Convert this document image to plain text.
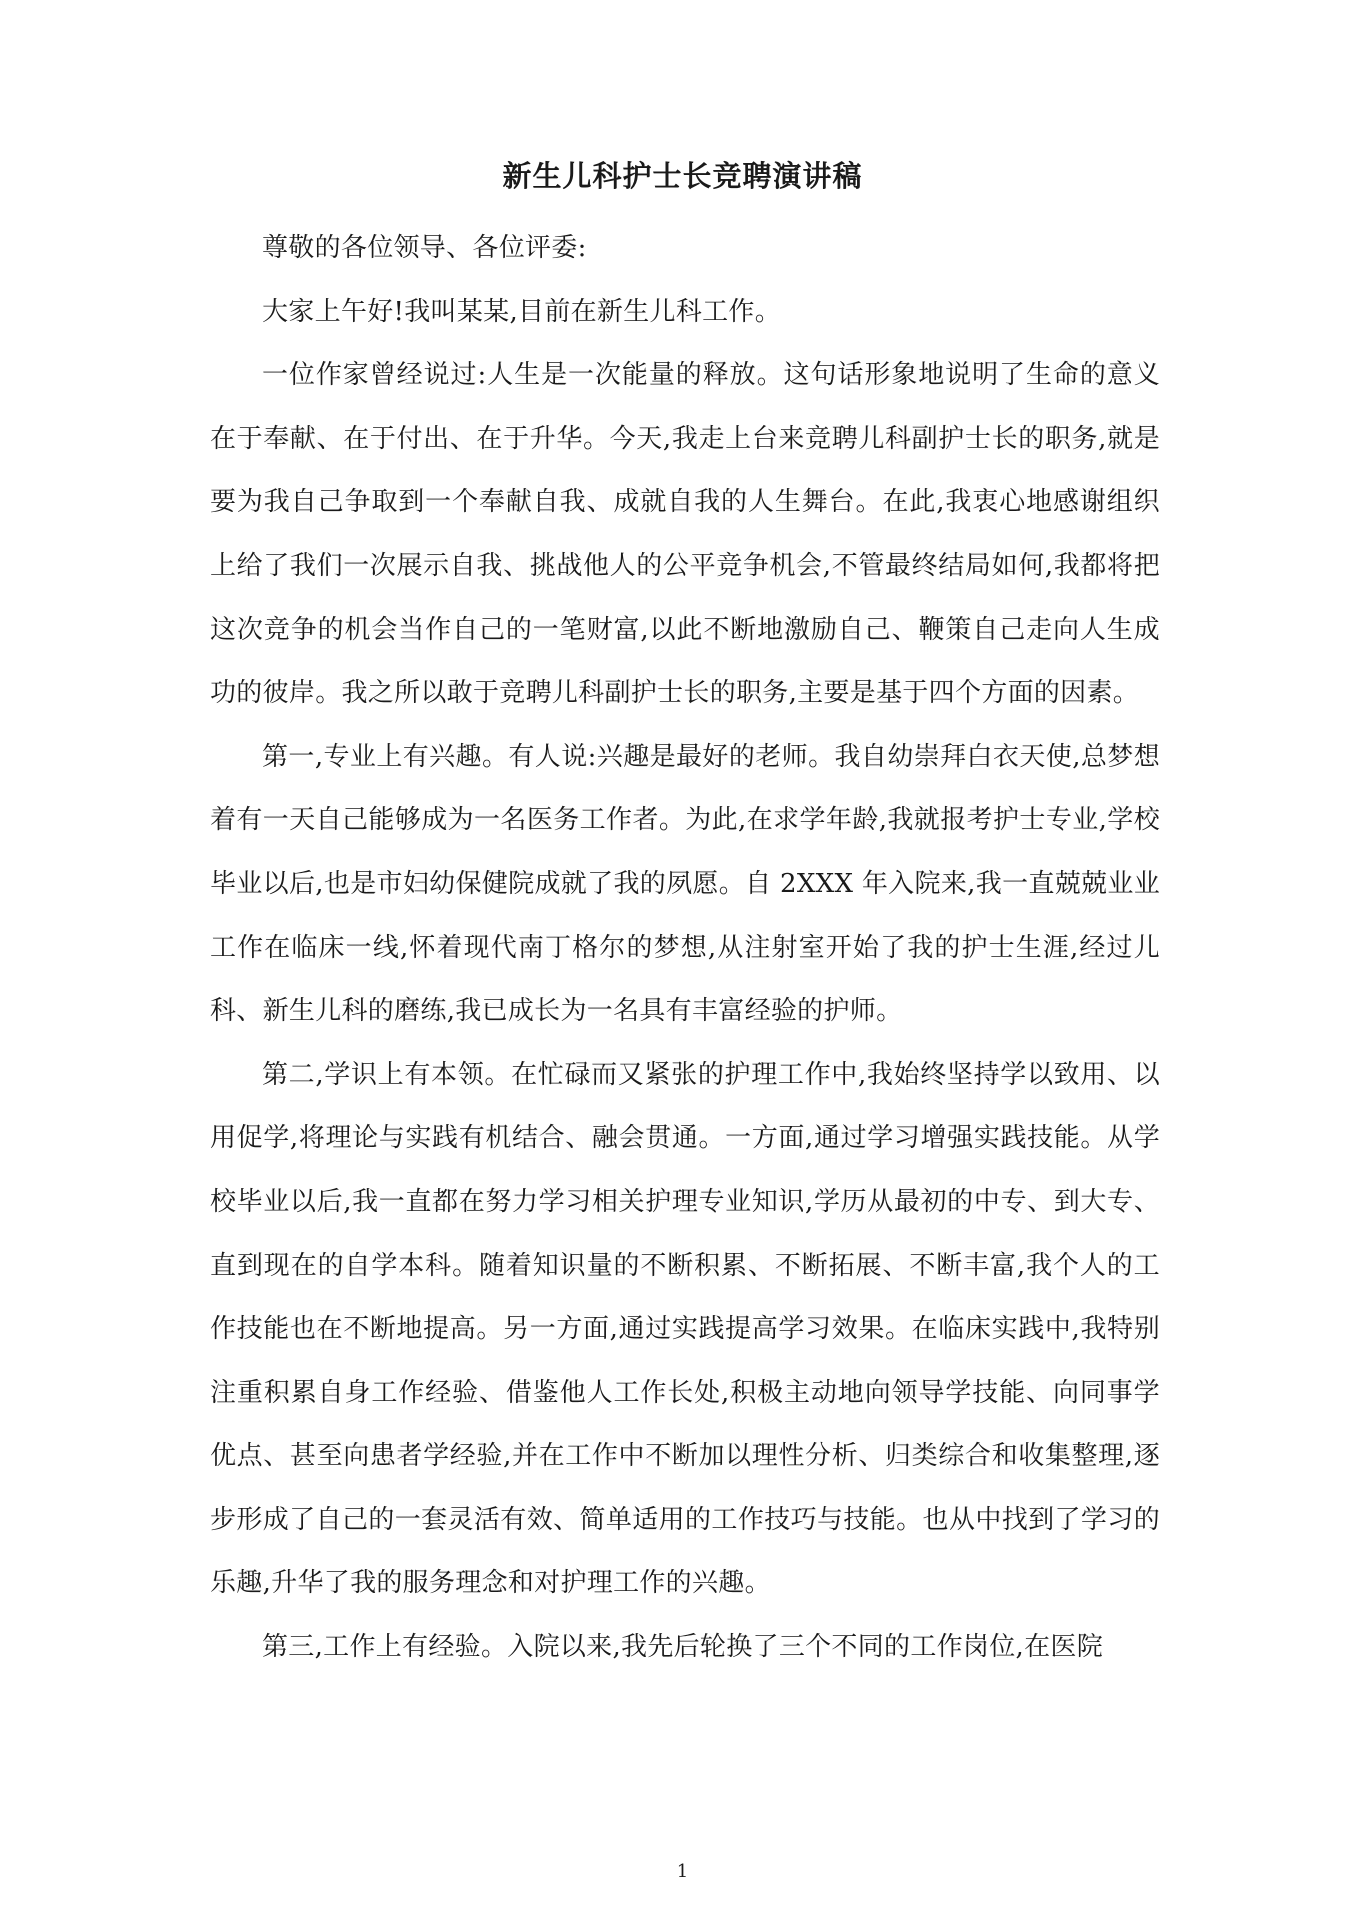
新生儿科护士长竞聘演讲稿

尊敬的各位领导、各位评委:

大家上午好!我叫某某,目前在新生儿科工作。

一位作家曾经说过:人生是一次能量的释放。这句话形象地说明了生命的意义在于奉献、在于付出、在于升华。今天,我走上台来竞聘儿科副护士长的职务,就是要为我自己争取到一个奉献自我、成就自我的人生舞台。在此,我衷心地感谢组织上给了我们一次展示自我、挑战他人的公平竞争机会,不管最终结局如何,我都将把这次竞争的机会当作自己的一笔财富,以此不断地激励自己、鞭策自己走向人生成功的彼岸。我之所以敢于竞聘儿科副护士长的职务,主要是基于四个方面的因素。

第一,专业上有兴趣。有人说:兴趣是最好的老师。我自幼崇拜白衣天使,总梦想着有一天自己能够成为一名医务工作者。为此,在求学年龄,我就报考护士专业,学校毕业以后,也是市妇幼保健院成就了我的夙愿。自 2XXX 年入院来,我一直兢兢业业工作在临床一线,怀着现代南丁格尔的梦想,从注射室开始了我的护士生涯,经过儿科、新生儿科的磨练,我已成长为一名具有丰富经验的护师。

第二,学识上有本领。在忙碌而又紧张的护理工作中,我始终坚持学以致用、以用促学,将理论与实践有机结合、融会贯通。一方面,通过学习增强实践技能。从学校毕业以后,我一直都在努力学习相关护理专业知识,学历从最初的中专、到大专、直到现在的自学本科。随着知识量的不断积累、不断拓展、不断丰富,我个人的工作技能也在不断地提高。另一方面,通过实践提高学习效果。在临床实践中,我特别注重积累自身工作经验、借鉴他人工作长处,积极主动地向领导学技能、向同事学优点、甚至向患者学经验,并在工作中不断加以理性分析、归类综合和收集整理,逐步形成了自己的一套灵活有效、简单适用的工作技巧与技能。也从中找到了学习的乐趣,升华了我的服务理念和对护理工作的兴趣。

第三,工作上有经验。入院以来,我先后轮换了三个不同的工作岗位,在医院

1
